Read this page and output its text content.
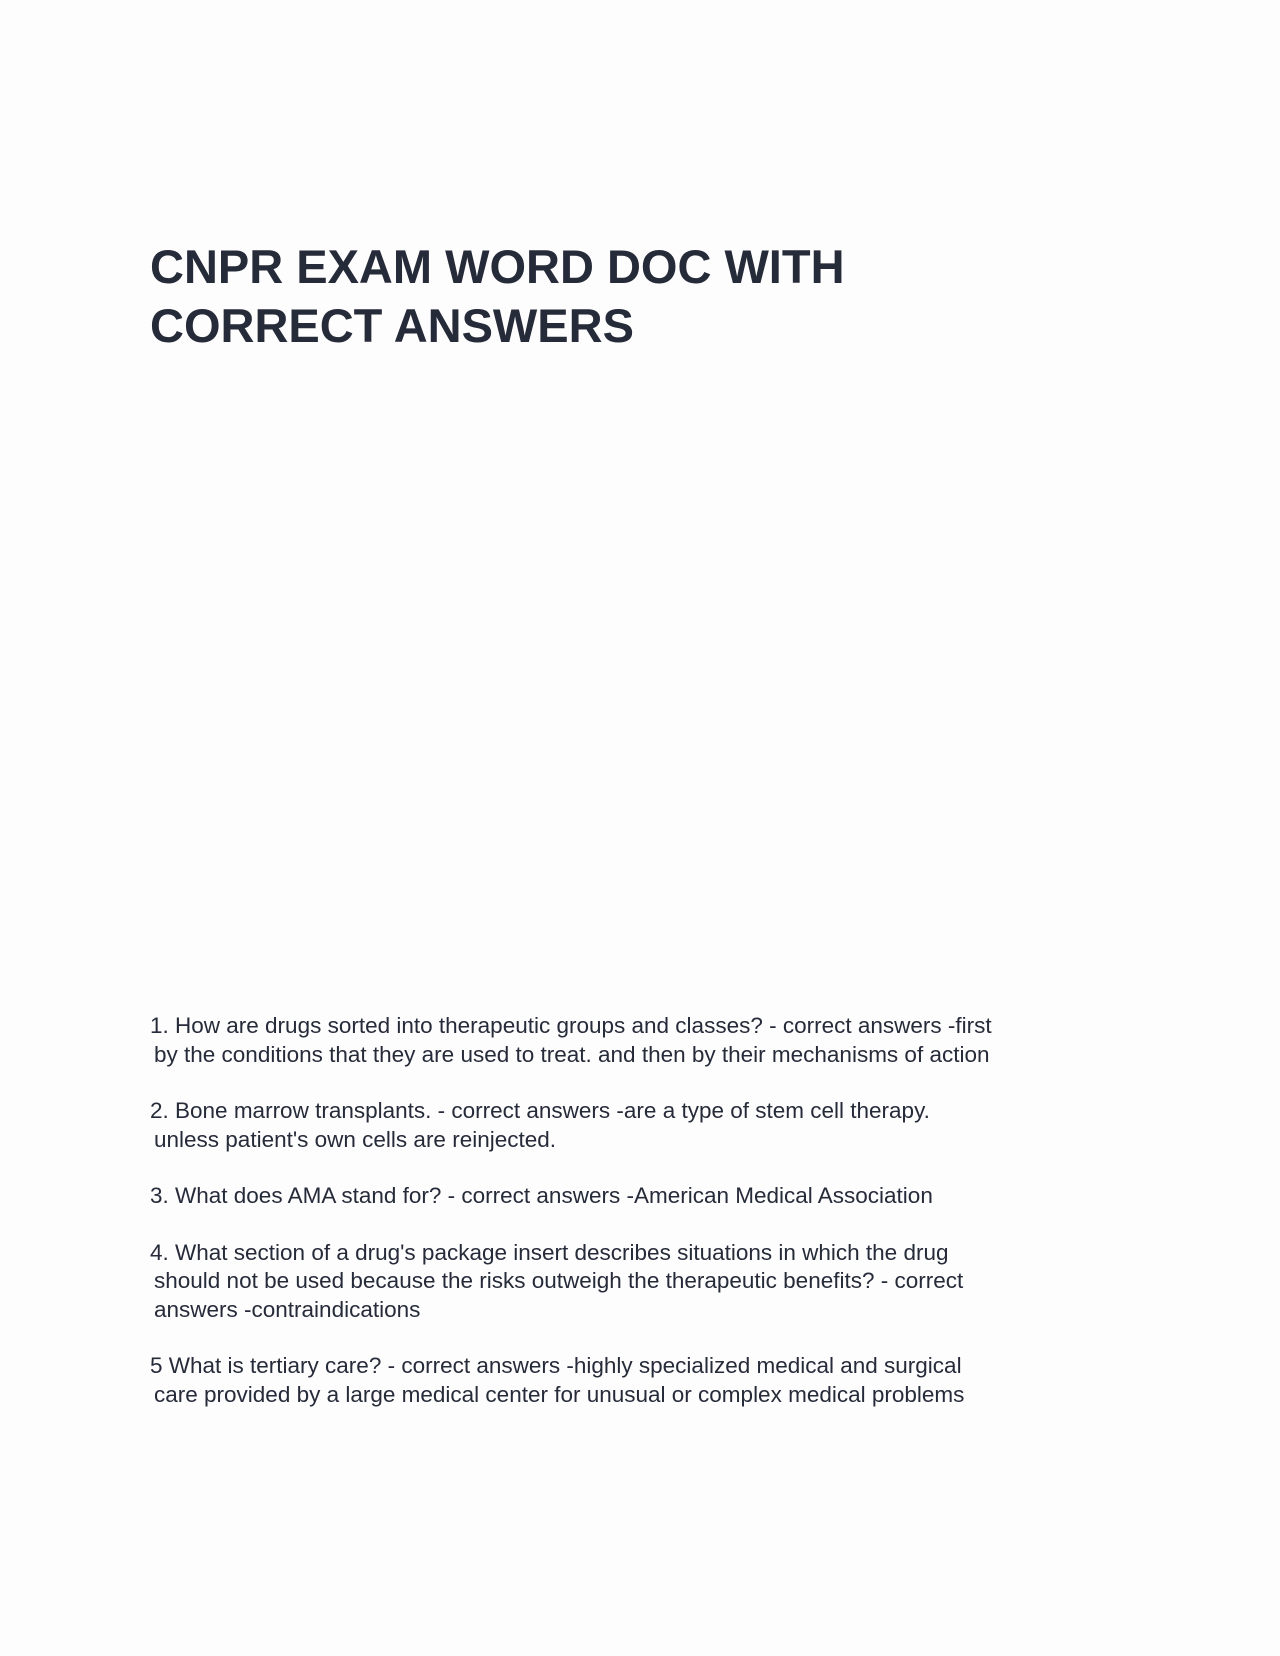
CNPR EXAM WORD DOC WITH
CORRECT ANSWERS
1. How are drugs sorted into therapeutic groups and classes? - correct answers -first
by the conditions that they are used to treat. and then by their mechanisms of action
2. Bone marrow transplants. - correct answers -are a type of stem cell therapy.
unless patient's own cells are reinjected.
3. What does AMA stand for? - correct answers -American Medical Association
4. What section of a drug's package insert describes situations in which the drug
should not be used because the risks outweigh the therapeutic benefits? - correct
answers -contraindications
5 What is tertiary care? - correct answers -highly specialized medical and surgical
care provided by a large medical center for unusual or complex medical problems
